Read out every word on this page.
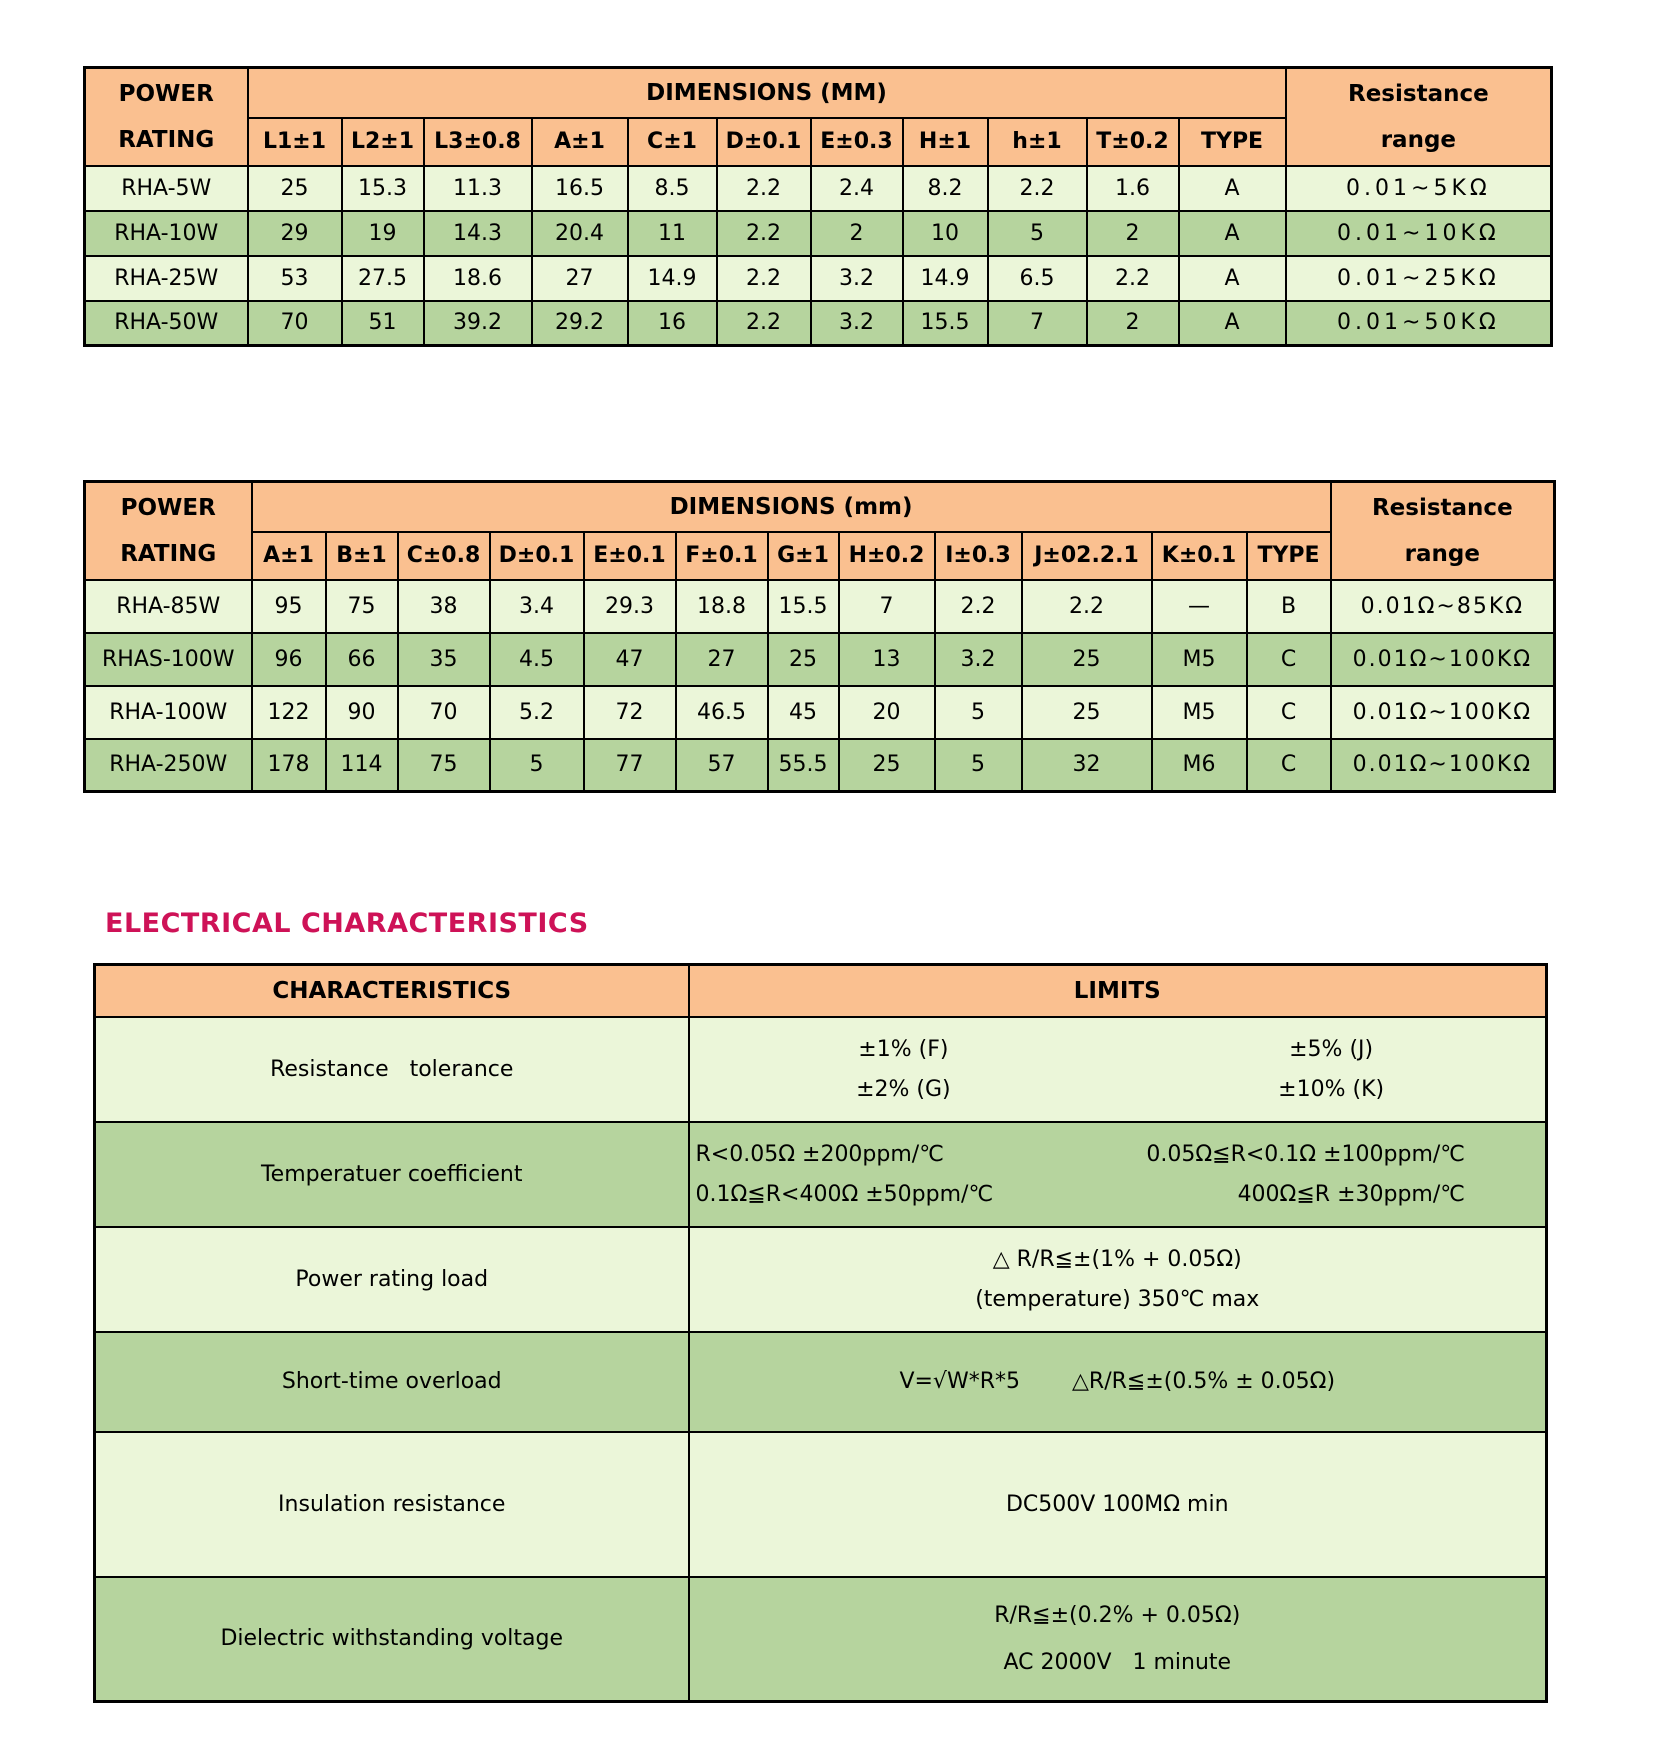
POWER
RATING	DIMENSIONS (MM)											Resistance
range

	L1±1	L2±1	L3±0.8	A±1	C±1	D±0.1	E±0.3	H±1	h±1	T±0.2	TYPE	
RHA-5W	25	15.3	11.3	16.5	8.5	2.2	2.4	8.2	2.2	1.6	A	0.01~5KΩ
RHA-10W	29	19	14.3	20.4	11	2.2	2	10	5	2	A	0.01~10KΩ
RHA-25W	53	27.5	18.6	27	14.9	2.2	3.2	14.9	6.5	2.2	A	0.01~25KΩ
RHA-50W	70	51	39.2	29.2	16	2.2	3.2	15.5	7	2	A	0.01~50KΩ
POWER
RATING	DIMENSIONS (mm)												Resistance
range

	A±1	B±1	C±0.8	D±0.1	E±0.1	F±0.1	G±1	H±0.2	I±0.3	J±02.2.1	K±0.1	TYPE	
RHA-85W	95	75	38	3.4	29.3	18.8	15.5	7	2.2	2.2	—	B	0.01Ω~85KΩ
RHAS-100W	96	66	35	4.5	47	27	25	13	3.2	25	M5	C	0.01Ω~100KΩ
RHA-100W	122	90	70	5.2	72	46.5	45	20	5	25	M5	C	0.01Ω~100KΩ
RHA-250W	178	114	75	5	77	57	55.5	25	5	32	M6	C	0.01Ω~100KΩ
ELECTRICAL CHARACTERISTICS
CHARACTERISTICS	LIMITS
Resistance   tolerance	±1% (F) ±5% (J)
±2% (G) ±10% (K)

Temperatuer coefficient	R<0.05Ω ±200ppm/℃ 0.05Ω≦R<0.1Ω ±100ppm/℃
0.1Ω≦R<400Ω ±50ppm/℃ 400Ω≦R ±30ppm/℃

Power rating load	△ R/R≦±(1% + 0.05Ω)
(temperature) 350℃ max

Short-time overload	V=√W*R*5 △R/R≦±(0.5% ± 0.05Ω)

Insulation resistance	DC500V 100MΩ min

Dielectric withstanding voltage	R/R≦±(0.2% + 0.05Ω)
AC 2000V   1 minute
